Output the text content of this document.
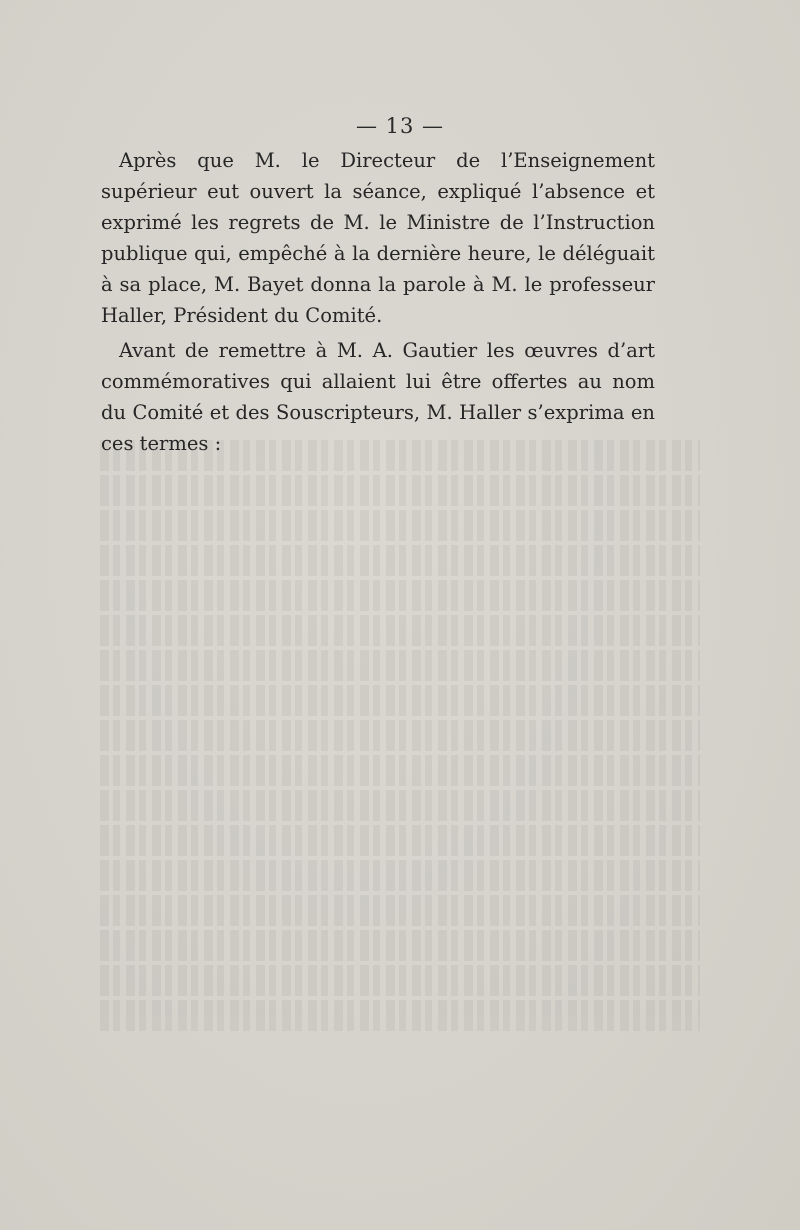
— 13 —

Après que M. le Directeur de l’Enseignement supérieur eut ouvert la séance, expliqué l’absence et exprimé les regrets de M. le Ministre de l’Instruction publique qui, empêché à la dernière heure, le déléguait à sa place, M. Bayet donna la parole à M. le professeur Haller, Président du Comité.

Avant de remettre à M. A. Gautier les œuvres d’art commémoratives qui allaient lui être offertes au nom du Comité et des Souscripteurs, M. Haller s’exprima en ces termes :
